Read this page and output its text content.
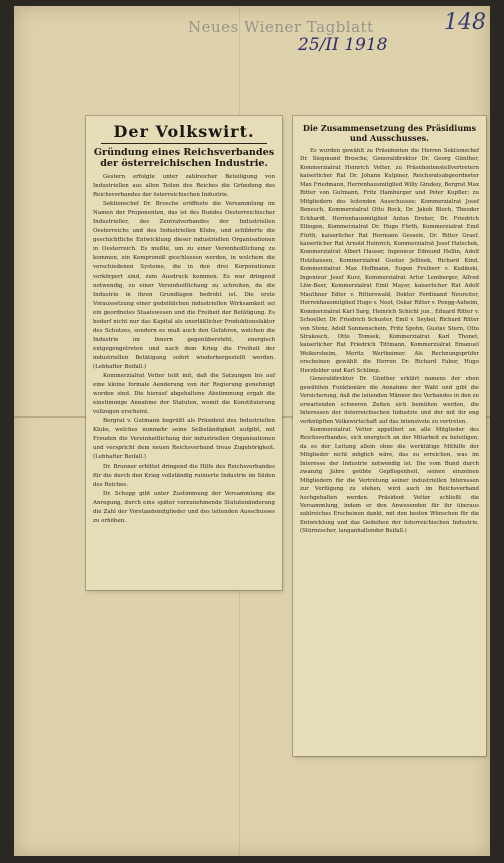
Neues Wiener Tagblatt	148
25/II 1918
Der Volkswirt.
Gründung eines Reichsverbandes der österreichischen Industrie.

Gestern erfolgte unter zahlreicher Beteiligung von Industriellen aus allen Teilen des Reiches die Gründung des Reichsverbandes der österreichischen Industrie.

Sektionschef Dr. Brosche eröffnete die Versammlung im Namen der Proponenten, das ist des Bundes Oesterreichischer Industrieller, des Zentralverbandes der Industriellen Oesterreichs und des Industriellen Klubs, und schilderte die geschichtliche Entwicklung dieser industriellen Organisationen in Oesterreich. Es mußte, um zu einer Vereinheitlichung zu kommen, ein Kompromiß geschlossen werden, in welchem die verschiedenen Systeme, die in den drei Korporationen verkörpert sind, zum Ausdruck kommen. Es war dringend notwendig, zu einer Vereinheitlichung zu schreiten, da die Industrie in ihren Grundlagen bedroht ist. Die erste Voraussetzung einer gedeihlichen industriellen Wirksamkeit sei ein geordnetes Staatswesen und die Freiheit der Betätigung. Es bedarf nicht nur das Kapital als unerläßlicher Produktionsfaktor des Schutzes, sondern es muß auch den Gefahren, welchen die Industrie im Innern gegenübersteht, energisch entgegengetreten und nach dem Krieg die Freiheit der industriellen Betätigung sofort wiederhergestellt werden. (Lebhafter Beifall.)

Kommerzialrat Vetter teilt mit, daß die Satzungen bis auf eine kleine formale Aenderung von der Regierung genehmigt worden sind. Die hierauf abgehaltene Abstimmung ergab die einstimmige Annahme der Statuten, womit die Konstituierung vollzogen erscheint.

Bergrat v. Gutmann begrüßt als Präsident des Industriellen Klubs, welches nunmehr seine Selbständigkeit aufgibt, mit Freuden die Vereinheitlichung der industriellen Organisationen und verspricht dem neuen Reichsverband treue Zugehörigkeit. (Lebhafter Beifall.)

Dr. Brunner erbittet dringend die Hilfe des Reichsverbandes für die durch den Krieg vollständig ruinierte Industrie im Süden des Reiches.

Dr. Schopp gibt unter Zustimmung der Versammlung die Anregung, durch eine später vorzunehmende Statutenänderung die Zahl der Vorstandsmitglieder und des leitenden Ausschusses zu erhöhen.

Die Zusammensetzung des Präsidiums und Ausschusses.

Es wurden gewählt zu Präsidenten die Herren Sektionschef Dr. Siegmund Brosche, Generaldirektor Dr. Georg Günther, Kommerzialrat Heinrich Vetter, zu Präsidentenstellvertretern kaiserlicher Rat Dr. Johann Kulpiner, Reichsratsabgeordneter Max Friedmann, Herrenhausmitglied Willy Ginzkey, Bergrat Max Ritter von Gutmann, Fritz Hamburger und Peter Kupfler; zu Mitgliedern des leitenden Ausschusses: Kommerzialrat Josef Benesch, Kommerzialrat Otto Bock, Dr. Jakob Bloch, Theodor Eckhardt, Herrenhausmitglied Anton Dreher, Dr. Friedrich Elbogen, Kommerzialrat Dr. Hugo Fürth, Kommerzialrat Emil Fürth, kaiserlicher Rat Hermann Gessele, Dr. Ritter Graef, kaiserlicher Rat Arnold Heinrich, Kommerzialrat Josef Hatschek, Kommerzialrat Albert Hauser, Ingenieur Edmund Hellin, Adolf Holzhausen, Kommerzialrat Gustav Jellinek, Richard Kind, Kommerzialrat Max Hoffmann, Eugen Freiherr v. Kudinski, Ingenieur Josef Kurz, Kommerzialrat Artur Lemberger, Alfred Löw-Beer, Kommerzialrat Emil Mayer, kaiserlicher Rat Adolf Mauthner Edler v. Ritterswald, Doktor Ferdinand Neureiter, Herrenhausmitglied Hugo v. Noot, Oskar Ritter v. Pengg-Auheim, Kommerzialrat Karl Sarg, Heinrich Schicht jun., Eduard Ritter v. Schoeller, Dr. Friedrich Schuster, Emil v. Seybel, Richard Ritter von Stenz, Adolf Sonnenschein, Fritz Spohn, Gustav Stern, Otto Strakosch, Otto Tomsek, Kommerzialrat Karl Thonet, kaiserlicher Rat Friedrich Tittmann, Kommerzialrat Emanuel Weikersheim, Moritz Wertheimer. Als Rechnungsprüfer erscheinen gewählt die Herren Dr. Richard Faber, Hugo Herzfelder und Karl Schlimp.

Generaldirektor Dr. Günther erklärt namens der eben gewählten Funktionäre die Annahme der Wahl und gibt die Versicherung, daß die leitenden Männer des Verbandes in den zu erwartenden schweren Zeiten sich bemühen werden, die Interessen der österreichischen Industrie und der mit ihr eng verknüpften Volkswirtschaft auf das intensivste zu vertreten.

Kommerzialrat Vetter appelliert an alle Mitglieder des Reichsverbandes, sich energisch an der Mitarbeit zu beteiligen, da es der Leitung allein ohne die werktätige Mithilfe der Mitglieder nicht möglich wäre, das zu erreichen, was im Interesse der Industrie notwendig ist. Die vom Bund durch zwanzig Jahre geübte Gepflogenheit, seinen einzelnen Mitgliedern für die Vertretung seiner industriellen Interessen zur Verfügung zu stehen, wird auch im Reichsverband hochgehalten werden. Präsident Vetter schließt die Versammlung, indem er den Anwesenden für ihr überaus zahlreiches Erscheinen dankt, mit den besten Wünschen für die Entwicklung und das Gedeihen der österreichischen Industrie. (Stürmischer, langanhaltender Beifall.)
